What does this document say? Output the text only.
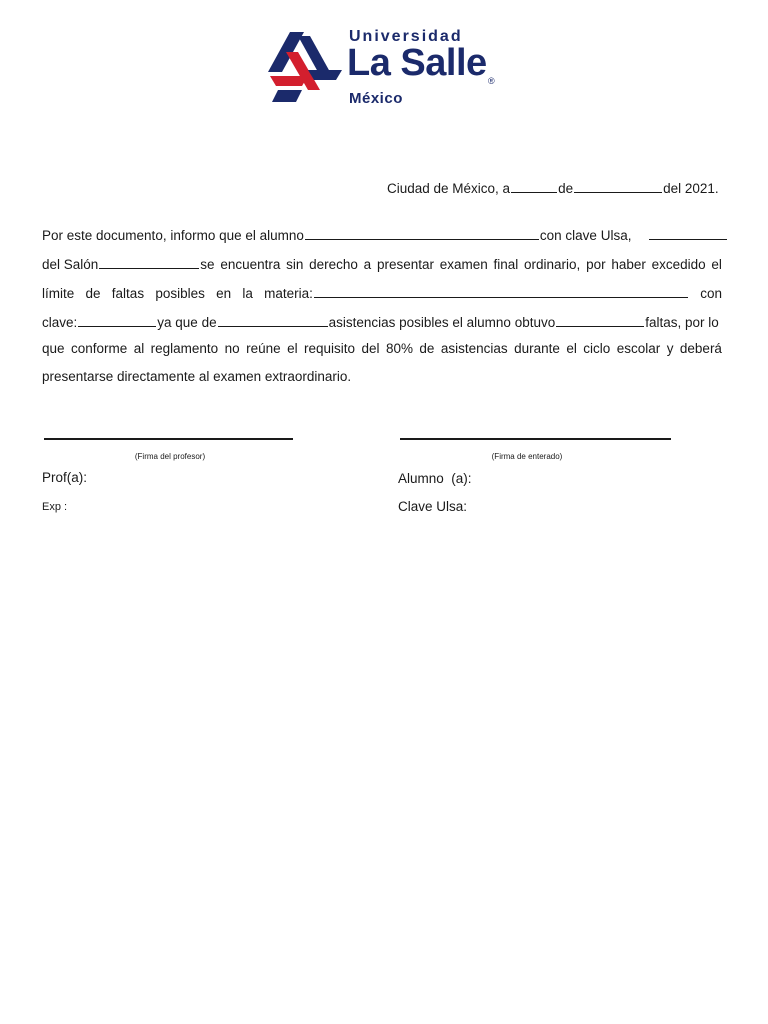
Universidad
La Salle ®
México
Ciudad de México, a	de	del 2021.
Por este documento, informo que el alumno	con clave Ulsa,
del Salón	se encuentra sin derecho a presentar examen final ordinario, por haber excedido el
límite de faltas posibles en la materia:	con
clave:	ya que de	asistencias posibles el alumno obtuvo	faltas, por lo
que conforme al reglamento no reúne el requisito del 80% de asistencias durante el ciclo escolar y deberá
presentarse directamente al examen extraordinario.
(Firma del profesor)
Prof(a):
Exp :
(Firma de enterado)
Alumno  (a):
Clave Ulsa:
